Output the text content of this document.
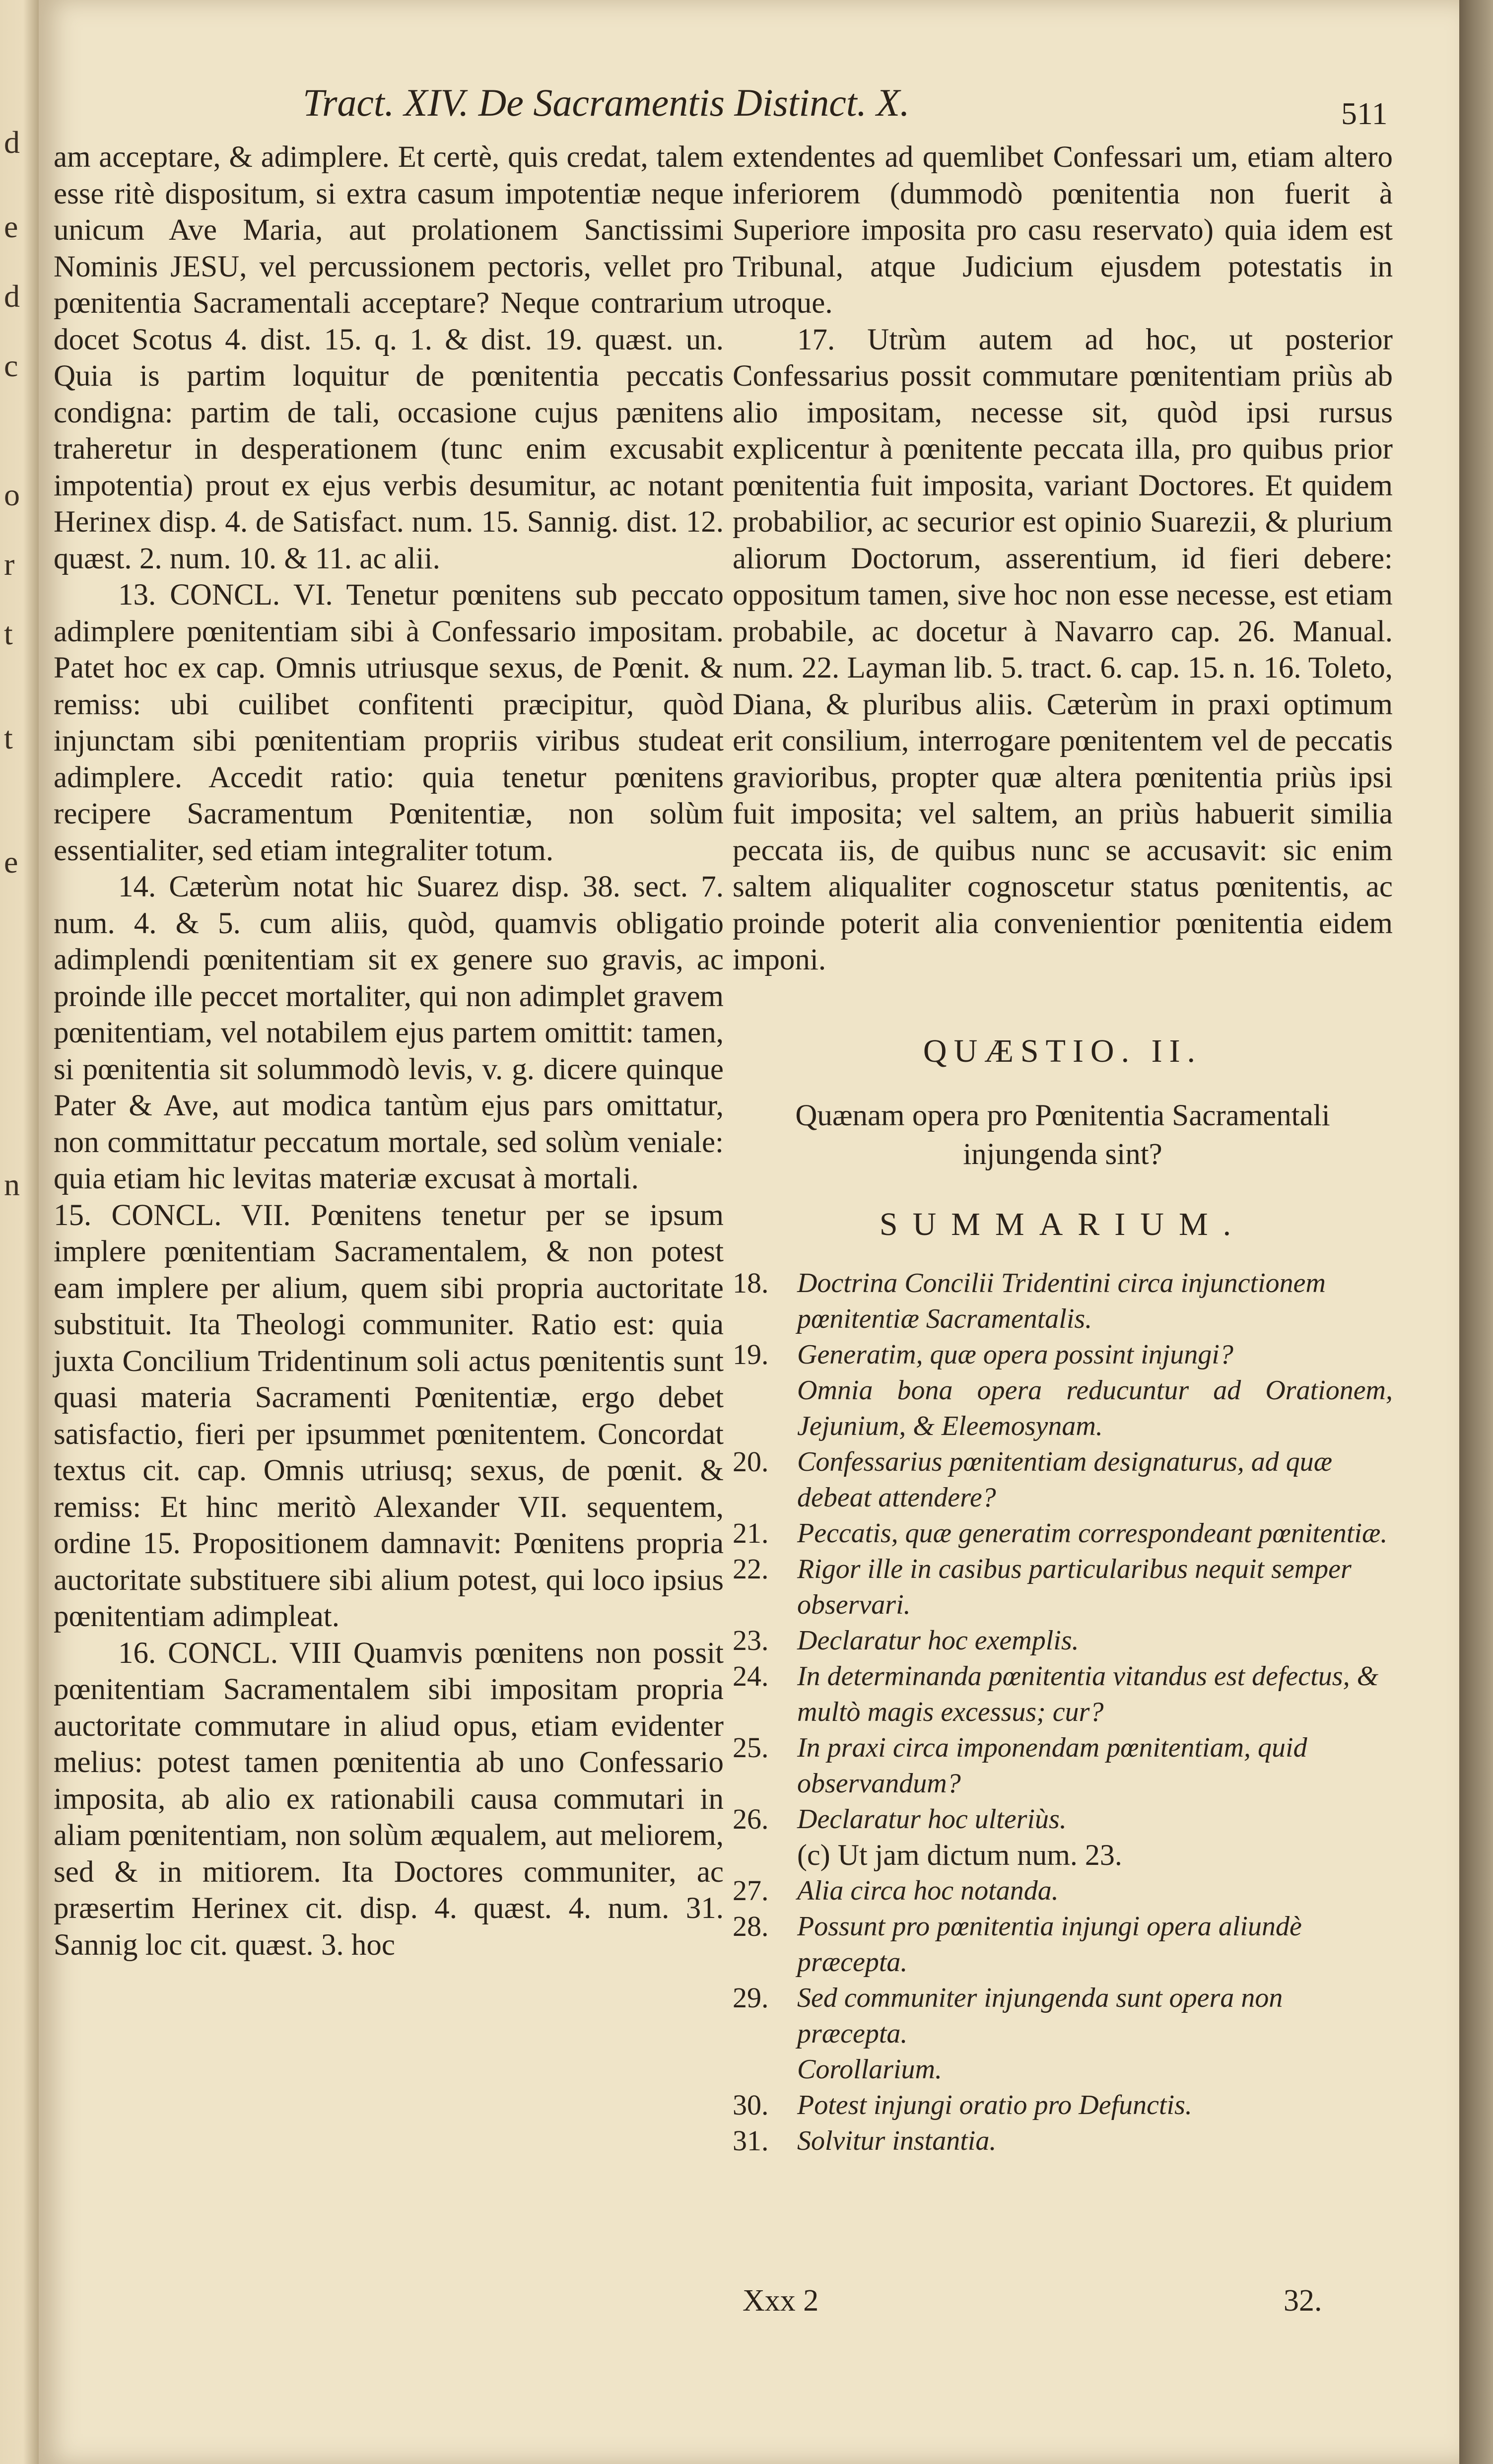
d
e
d
c
o
r
t
t
e
n
Tract. XIV. De Sacramentis Distinct. X.	511

am acceptare, & adimplere. Et certè, quis credat, talem esse ritè dispositum, si extra casum impotentiæ neque unicum Ave Maria, aut prolationem Sanctissimi Nominis JESU, vel percussionem pectoris, vellet pro pœnitentia Sacramentali acceptare? Neque contrarium docet Scotus 4. dist. 15. q. 1. & dist. 19. quæst. un. Quia is partim loquitur de pœnitentia peccatis condigna: partim de tali, occasione cujus pænitens traheretur in desperationem (tunc enim excusabit impotentia) prout ex ejus verbis desumitur, ac notant Herinex disp. 4. de Satisfact. num. 15. Sannig. dist. 12. quæst. 2. num. 10. & 11. ac alii.

13. CONCL. VI. Tenetur pœnitens sub peccato adimplere pœnitentiam sibi à Confessario impositam. Patet hoc ex cap. Omnis utriusque sexus, de Pœnit. & remiss: ubi cuilibet confitenti præcipitur, quòd injunctam sibi pœnitentiam propriis viribus studeat adimplere. Accedit ratio: quia tenetur pœnitens recipere Sacramentum Pœnitentiæ, non solùm essentialiter, sed etiam integraliter totum.

14. Cæterùm notat hic Suarez disp. 38. sect. 7. num. 4. & 5. cum aliis, quòd, quamvis obligatio adimplendi pœnitentiam sit ex genere suo gravis, ac proinde ille peccet mortaliter, qui non adimplet gravem pœnitentiam, vel notabilem ejus partem omittit: tamen, si pœnitentia sit solummodò levis, v. g. dicere quinque Pater & Ave, aut modica tantùm ejus pars omittatur, non committatur peccatum mortale, sed solùm veniale: quia etiam hic levitas materiæ excusat à mortali.

15. CONCL. VII. Pœnitens tenetur per se ipsum implere pœnitentiam Sacramentalem, & non potest eam implere per alium, quem sibi propria auctoritate substituit. Ita Theologi communiter. Ratio est: quia juxta Concilium Tridentinum soli actus pœnitentis sunt quasi materia Sacramenti Pœnitentiæ, ergo debet satisfactio, fieri per ipsummet pœnitentem. Concordat textus cit. cap. Omnis utriusq; sexus, de pœnit. & remiss: Et hinc meritò Alexander VII. sequentem, ordine 15. Propositionem damnavit: Pœnitens propria auctoritate substituere sibi alium potest, qui loco ipsius pœnitentiam adimpleat.

16. CONCL. VIII Quamvis pœnitens non possit pœnitentiam Sacramentalem sibi impositam propria auctoritate commutare in aliud opus, etiam evidenter melius: potest tamen pœnitentia ab uno Confessario imposita, ab alio ex rationabili causa commutari in aliam pœnitentiam, non solùm æqualem, aut meliorem, sed & in mitiorem. Ita Doctores communiter, ac præsertim Herinex cit. disp. 4. quæst. 4. num. 31. Sannig loc cit. quæst. 3. hoc

extendentes ad quemlibet Confessari um, etiam altero inferiorem (dummodò pœnitentia non fuerit à Superiore imposita pro casu reservato) quia idem est Tribunal, atque Judicium ejusdem potestatis in utroque.

17. Utrùm autem ad hoc, ut posterior Confessarius possit commutare pœnitentiam priùs ab alio impositam, necesse sit, quòd ipsi rursus explicentur à pœnitente peccata illa, pro quibus prior pœnitentia fuit imposita, variant Doctores. Et quidem probabilior, ac securior est opinio Suarezii, & plurium aliorum Doctorum, asserentium, id fieri debere: oppositum tamen, sive hoc non esse necesse, est etiam probabile, ac docetur à Navarro cap. 26. Manual. num. 22. Layman lib. 5. tract. 6. cap. 15. n. 16. Toleto, Diana, & pluribus aliis. Cæterùm in praxi optimum erit consilium, interrogare pœnitentem vel de peccatis gravioribus, propter quæ altera pœnitentia priùs ipsi fuit imposita; vel saltem, an priùs habuerit similia peccata iis, de quibus nunc se accusavit: sic enim saltem aliqualiter cognoscetur status pœnitentis, ac proinde poterit alia convenientior pœnitentia eidem imponi.

QUÆSTIO. II.
Quænam opera pro Pœnitentia Sacramentali injungenda sint?
SUMMARIUM.
18.	Doctrina Concilii Tridentini circa injunctionem pœnitentiæ Sacramentalis.
19.	Generatim, quæ opera possint injungi?
Omnia bona opera reducuntur ad Orationem, Jejunium, & Eleemosynam.
20.	Confessarius pœnitentiam designaturus, ad quæ debeat attendere?
21.	Peccatis, quæ generatim correspondeant pœnitentiæ.
22.	Rigor ille in casibus particularibus nequit semper observari.
23.	Declaratur hoc exemplis.
24.	In determinanda pœnitentia vitandus est defectus, & multò magis excessus; cur?
25.	In praxi circa imponendam pœnitentiam, quid observandum?
26.	Declaratur hoc ulteriùs.
(c) Ut jam dictum num. 23.
27.	Alia circa hoc notanda.
28.	Possunt pro pœnitentia injungi opera aliundè præcepta.
29.	Sed communiter injungenda sunt opera non præcepta.
Corollarium.
30.	Potest injungi oratio pro Defunctis.
31.	Solvitur instantia.
Xxx 2	32.
